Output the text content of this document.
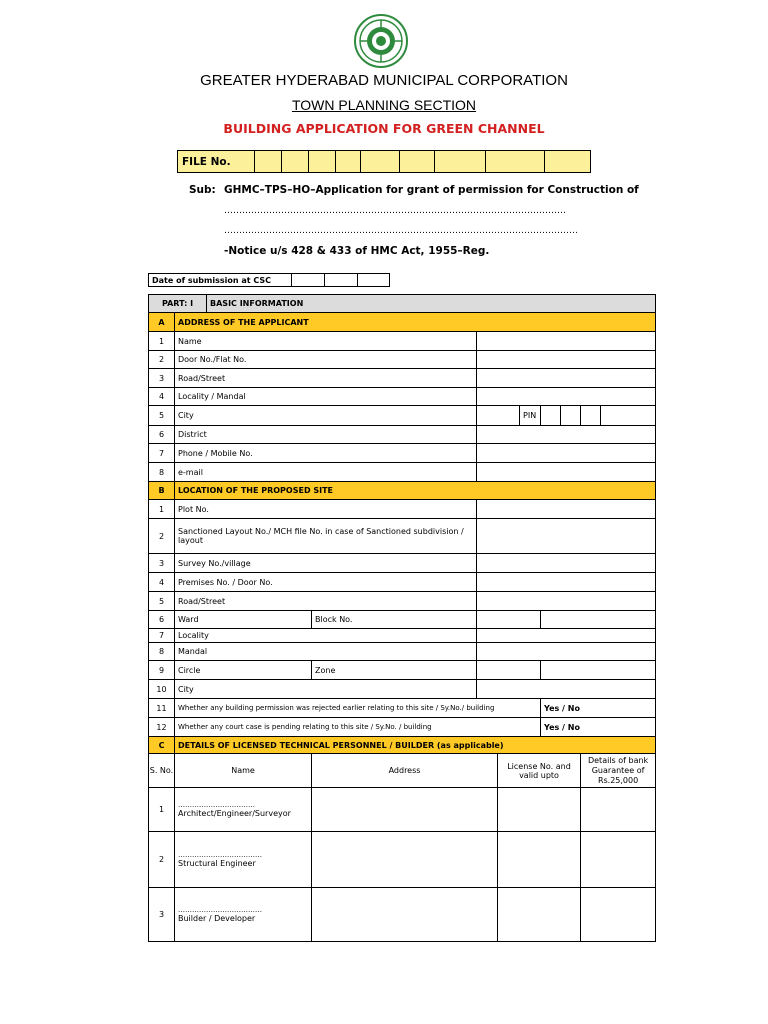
GREATER HYDERABAD MUNICIPAL CORPORATION
TOWN PLANNING SECTION
BUILDING APPLICATION FOR GREEN CHANNEL
FILE No.									
Sub: GHMC–TPS–HO–Application for grant of permission for Construction of
……………………………………………………………………………………………………
……………………………………………………………………………………………………….
-Notice u/s 428 & 433 of HMC Act, 1955–Reg.
Date of submission at CSC			
PART: I		BASIC INFORMATION								
A	ADDRESS OF THE APPLICANT									
1	Name									
2	Door No./Flat No.									
3	Road/Street									
4	Locality / Mandal									
5	City					PIN				
6	District									
7	Phone / Mobile No.									
8	e-mail									
B	LOCATION OF THE PROPOSED SITE									
1	Plot No.									
2	Sanctioned Layout No./ MCH file No. in case of Sanctioned subdivision / layout									
3	Survey No./village									
4	Premises No. / Door No.									
5	Road/Street									
6	Ward		Block No.							
7	Locality									
8	Mandal									
9	Circle		Zone							
10	City									
11	Whether any building permission was rejected earlier relating to this site / Sy.No./ building						Yes / No			
12	Whether any court case is pending relating to this site / Sy.No. / building						Yes / No			
C	DETAILS OF LICENSED TECHNICAL PERSONNEL / BUILDER (as applicable)									
S. No.	Name		Address		License No. and valid upto				Details of bank Guarantee of Rs.25,000	
1	……………………………
Architect/Engineer/Surveyor									

2	………………………………
Structural Engineer									

3	………………………………
Builder / Developer									
